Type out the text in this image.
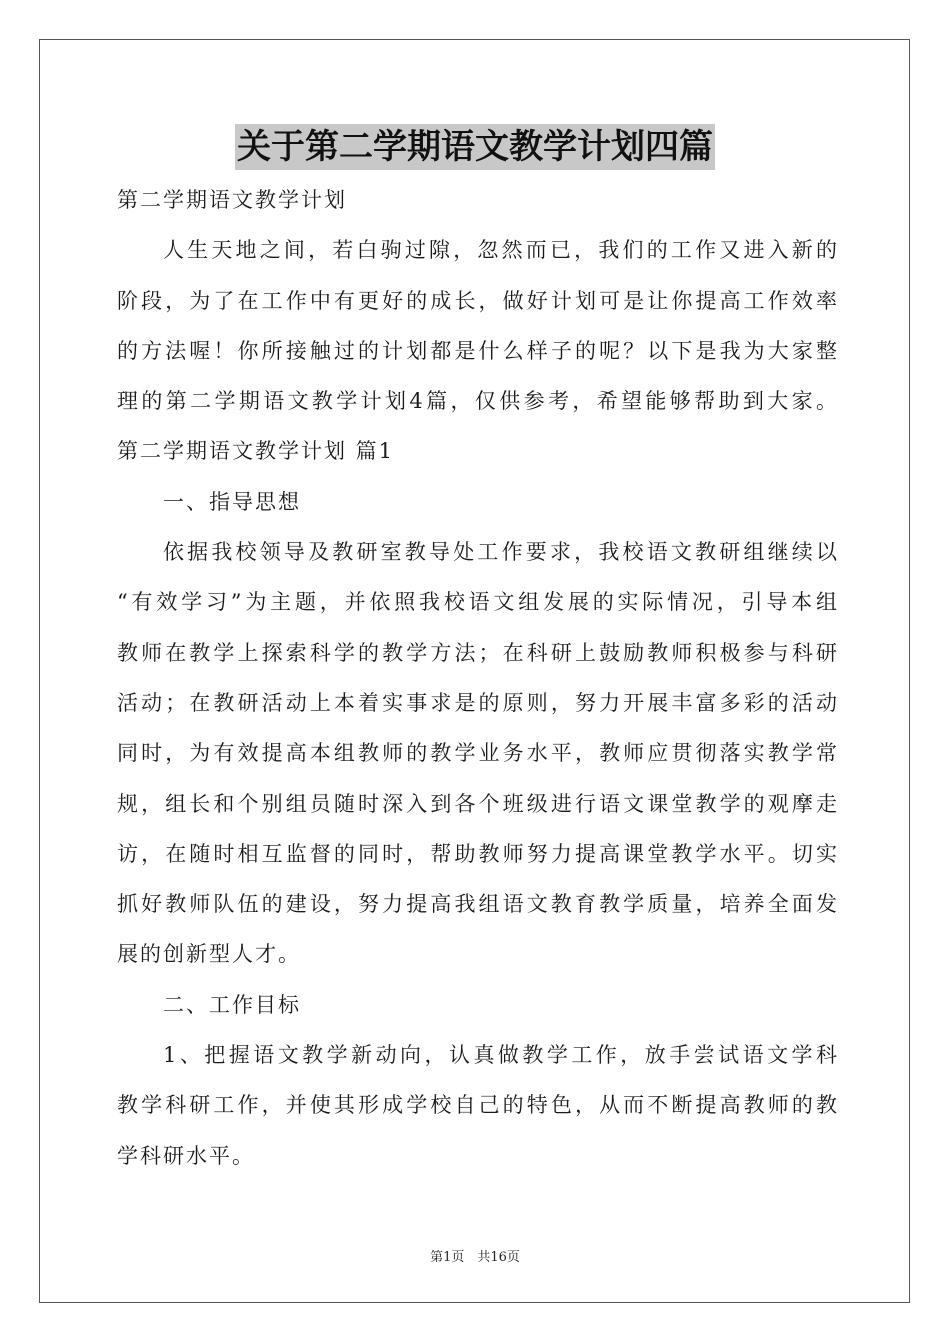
关于第二学期语文教学计划四篇
第二学期语文教学计划
人生天地之间，若白驹过隙，忽然而已，我们的工作又进入新的
阶段，为了在工作中有更好的成长，做好计划可是让你提高工作效率
的方法喔！你所接触过的计划都是什么样子的呢？以下是我为大家整
理的第二学期语文教学计划4篇，仅供参考，希望能够帮助到大家。
第二学期语文教学计划 篇1
一、指导思想
依据我校领导及教研室教导处工作要求，我校语文教研组继续以
“有效学习”为主题，并依照我校语文组发展的实际情况，引导本组
教师在教学上探索科学的教学方法；在科研上鼓励教师积极参与科研
活动；在教研活动上本着实事求是的原则，努力开展丰富多彩的活动
同时，为有效提高本组教师的教学业务水平，教师应贯彻落实教学常
规，组长和个别组员随时深入到各个班级进行语文课堂教学的观摩走
访，在随时相互监督的同时，帮助教师努力提高课堂教学水平。切实
抓好教师队伍的建设，努力提高我组语文教育教学质量，培养全面发
展的创新型人才。
二、工作目标
1、把握语文教学新动向，认真做教学工作，放手尝试语文学科
教学科研工作，并使其形成学校自己的特色，从而不断提高教师的教
学科研水平。
第1页　共16页
